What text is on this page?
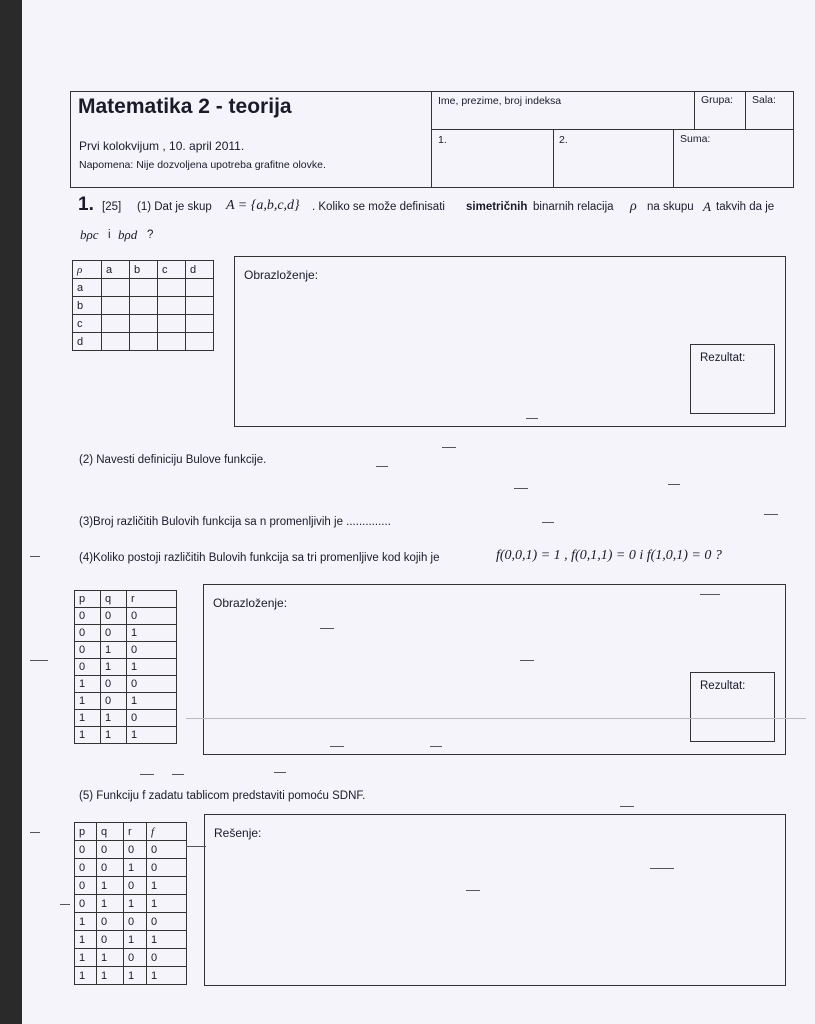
Matematika 2 - teorija
Prvi kolokvijum , 10. april 2011.
Napomena: Nije dozvoljena upotreba grafitne olovke.
Ime, prezime, broj indeksa	Grupa: Sala:
1.	2.	Suma:
1. [25] (1) Dat je skup A = {a,b,c,d} . Koliko se može definisati simetričnih binarnih relacija ρ na skupu A takvih da je
bρc i bρd ?
ρ	a	b	c	d
a				
b				
c				
d				
Obrazloženje:
Rezultat:
(2) Navesti definiciju Bulove funkcije.
(3)Broj različitih Bulovih funkcija sa n promenljivih je ..............
(4)Koliko postoji različitih Bulovih funkcija sa tri promenljive kod kojih je	f(0,0,1) = 1 , f(0,1,1) = 0 i f(1,0,1) = 0 ?
p	q	r
0	0	0
0	0	1
0	1	0
0	1	1
1	0	0
1	0	1
1	1	0
1	1	1
Obrazloženje:
Rezultat:
(5) Funkciju f zadatu tablicom predstaviti pomoću SDNF.
p	q	r	f
0	0	0	0
0	0	1	0
0	1	0	1
0	1	1	1
1	0	0	0
1	0	1	1
1	1	0	0
1	1	1	1
Rešenje:
